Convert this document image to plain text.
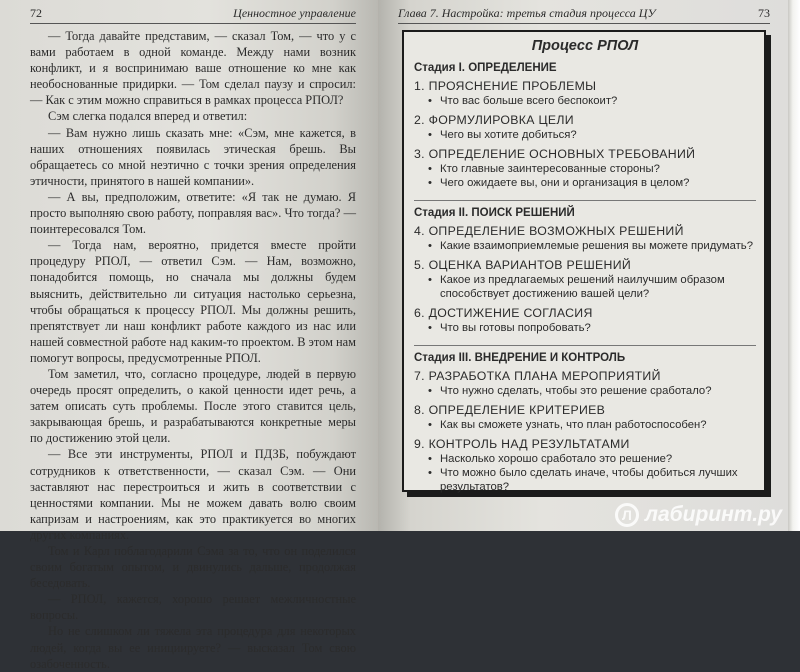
72	Ценностное управление

— Тогда давайте представим, — сказал Том, — что у с вами работаем в одной команде. Между нами возник конфликт, и я воспринимаю ваше отношение ко мне как необоснованные придирки. — Том сделал паузу и спросил: — Как с этим можно справиться в рамках процесса РПОЛ?

Сэм слегка подался вперед и ответил:

— Вам нужно лишь сказать мне: «Сэм, мне кажется, в наших отношениях появилась этическая брешь. Вы обращаетесь со мной неэтично с точки зрения определения этичности, принятого в нашей компании».

— А вы, предположим, ответите: «Я так не думаю. Я просто выполняю свою работу, поправляя вас». Что тогда? — поинтересовался Том.

— Тогда нам, вероятно, придется вместе пройти процедуру РПОЛ, — ответил Сэм. — Нам, возможно, понадобится помощь, но сначала мы должны будем выяснить, действительно ли ситуация настолько серьезна, чтобы обращаться к процессу РПОЛ. Мы должны решить, препятствует ли наш конфликт работе каждого из нас или нашей совместной работе над каким-то проектом. В этом нам помогут вопросы, предусмотренные РПОЛ.

Том заметил, что, согласно процедуре, людей в первую очередь просят определить, о какой ценности идет речь, а затем описать суть проблемы. После этого ставится цель, закрывающая брешь, и разрабатываются конкретные меры по достижению этой цели.

— Все эти инструменты, РПОЛ и ПДЗБ, побуждают сотрудников к ответственности, — сказал Сэм. — Они заставляют нас перестроиться и жить в соответствии с ценностями компании. Мы не можем давать волю своим капризам и настроениям, как это практикуется во многих других компаниях.

Том и Карл поблагодарили Сэма за то, что он поделился своим богатым опытом, и двинулись дальше, продолжая беседовать.

— РПОЛ, кажется, хорошо решает межличностные вопросы.

Но не слишком ли тяжела эта процедура для некоторых людей, когда вы ее инициируете? — высказал Том свою озабоченность.

Глава 7. Настройка: третья стадия процесса ЦУ	73
Процесс РПОЛ
Стадия I. ОПРЕДЕЛЕНИЕ
1. ПРОЯСНЕНИЕ ПРОБЛЕМЫ
• Что вас больше всего беспокоит?
2. ФОРМУЛИРОВКА ЦЕЛИ
• Чего вы хотите добиться?
3. ОПРЕДЕЛЕНИЕ ОСНОВНЫХ ТРЕБОВАНИЙ
• Кто главные заинтересованные стороны?
• Чего ожидаете вы, они и организация в целом?
Стадия II. ПОИСК РЕШЕНИЙ
4. ОПРЕДЕЛЕНИЕ ВОЗМОЖНЫХ РЕШЕНИЙ
• Какие взаимоприемлемые решения вы можете придумать?
5. ОЦЕНКА ВАРИАНТОВ РЕШЕНИЙ
• Какое из предлагаемых решений наилучшим образом способствует достижению вашей цели?
6. ДОСТИЖЕНИЕ СОГЛАСИЯ
• Что вы готовы попробовать?
Стадия III. ВНЕДРЕНИЕ И КОНТРОЛЬ
7. РАЗРАБОТКА ПЛАНА МЕРОПРИЯТИЙ
• Что нужно сделать, чтобы это решение сработало?
8. ОПРЕДЕЛЕНИЕ КРИТЕРИЕВ
• Как вы сможете узнать, что план работоспособен?
9. КОНТРОЛЬ НАД РЕЗУЛЬТАТАМИ
• Насколько хорошо сработало это решение?
• Что можно было сделать иначе, чтобы добиться лучших результатов?
Л лабиринт.ру
